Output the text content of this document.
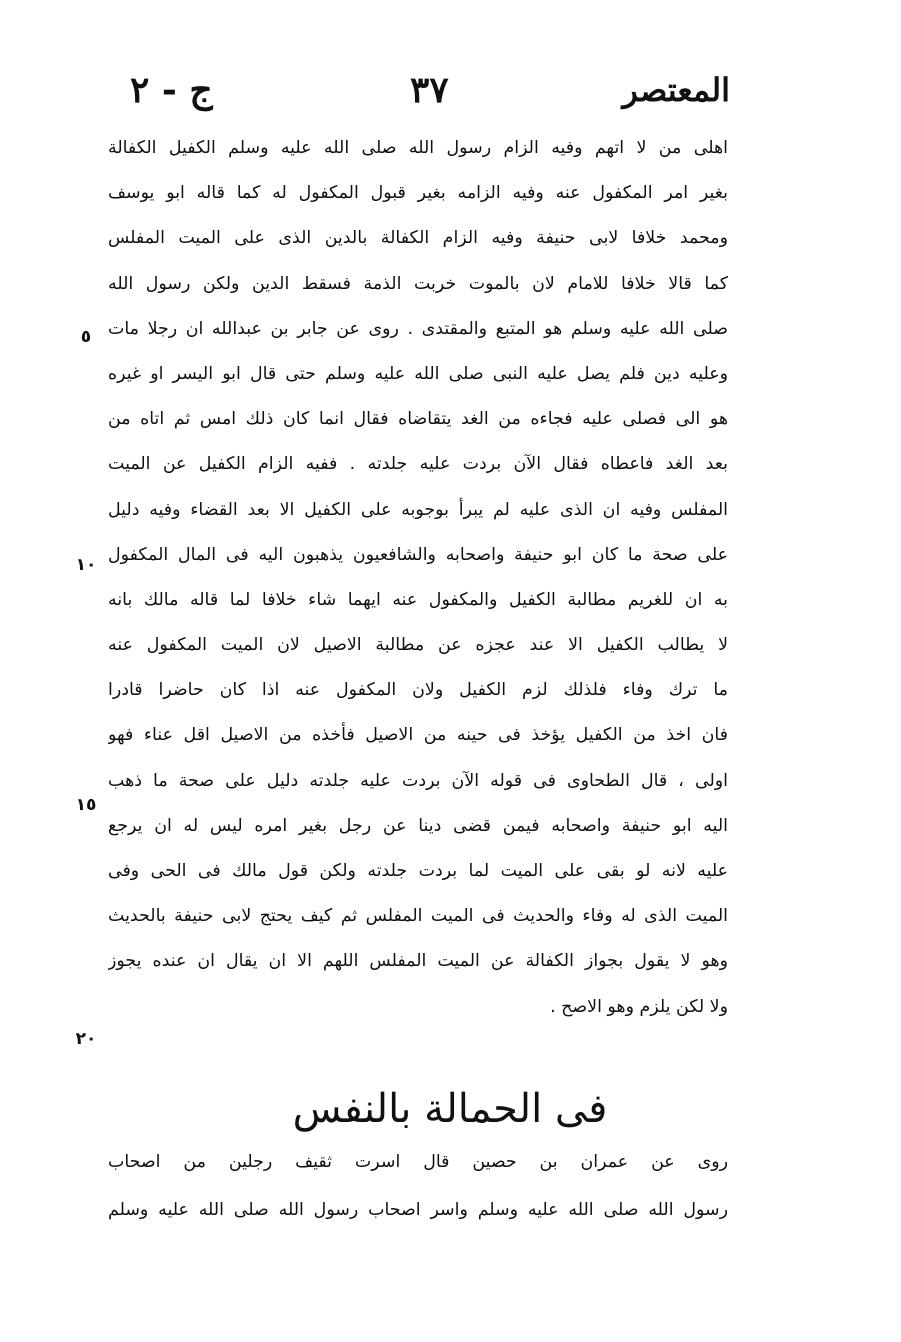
ج - ٢	٣٧	المعتصر
اهلى من لا اتهم وفيه الزام رسول الله صلى الله عليه وسلم الكفيل الكفالة
بغير امر المكفول عنه وفيه الزامه بغير قبول المكفول له كما قاله ابو يوسف
ومحمد خلافا لابى حنيفة وفيه الزام الكفالة بالدين الذى على الميت المفلس
كما قالا خلافا للامام لان بالموت خربت الذمة فسقط الدين ولكن رسول الله
صلى الله عليه وسلم هو المتبع والمقتدى . روى عن جابر بن عبدالله ان رجلا مات
وعليه دين فلم يصل عليه النبى صلى الله عليه وسلم حتى قال ابو اليسر او غيره
هو الى فصلى عليه فجاءه من الغد يتقاضاه فقال انما كان ذلك امس ثم اتاه من
بعد الغد فاعطاه فقال الآن بردت عليه جلدته . ففيه الزام الكفيل عن الميت
المفلس وفيه ان الذى عليه لم يبرأ بوجوبه على الكفيل الا بعد القضاء وفيه دليل
على صحة ما كان ابو حنيفة واصحابه والشافعيون يذهبون اليه فى المال المكفول
به ان للغريم مطالبة الكفيل والمكفول عنه ايهما شاء خلافا لما قاله مالك بانه
لا يطالب الكفيل الا عند عجزه عن مطالبة الاصيل لان الميت المكفول عنه
ما ترك وفاء فلذلك لزم الكفيل ولان المكفول عنه اذا كان حاضرا قادرا
فان اخذ من الكفيل يؤخذ فى حينه من الاصيل فأخذه من الاصيل اقل عناء فهو
اولى ، قال الطحاوى فى قوله الآن بردت عليه جلدته دليل على صحة ما ذهب
اليه ابو حنيفة واصحابه فيمن قضى دينا عن رجل بغير امره ليس له ان يرجع
عليه لانه لو بقى على الميت لما بردت جلدته ولكن قول مالك فى الحى وفى
الميت الذى له وفاء والحديث فى الميت المفلس ثم كيف يحتج لابى حنيفة بالحديث
وهو لا يقول بجواز الكفالة عن الميت المفلس اللهم الا ان يقال ان عنده يجوز
ولا لكن يلزم وهو الاصح .
٥
١٠
١٥
٢٠
فى الحمالة بالنفس
روى عن عمران بن حصين قال اسرت ثقيف رجلين من اصحاب
رسول الله صلى الله عليه وسلم واسر اصحاب رسول الله صلى الله عليه وسلم
